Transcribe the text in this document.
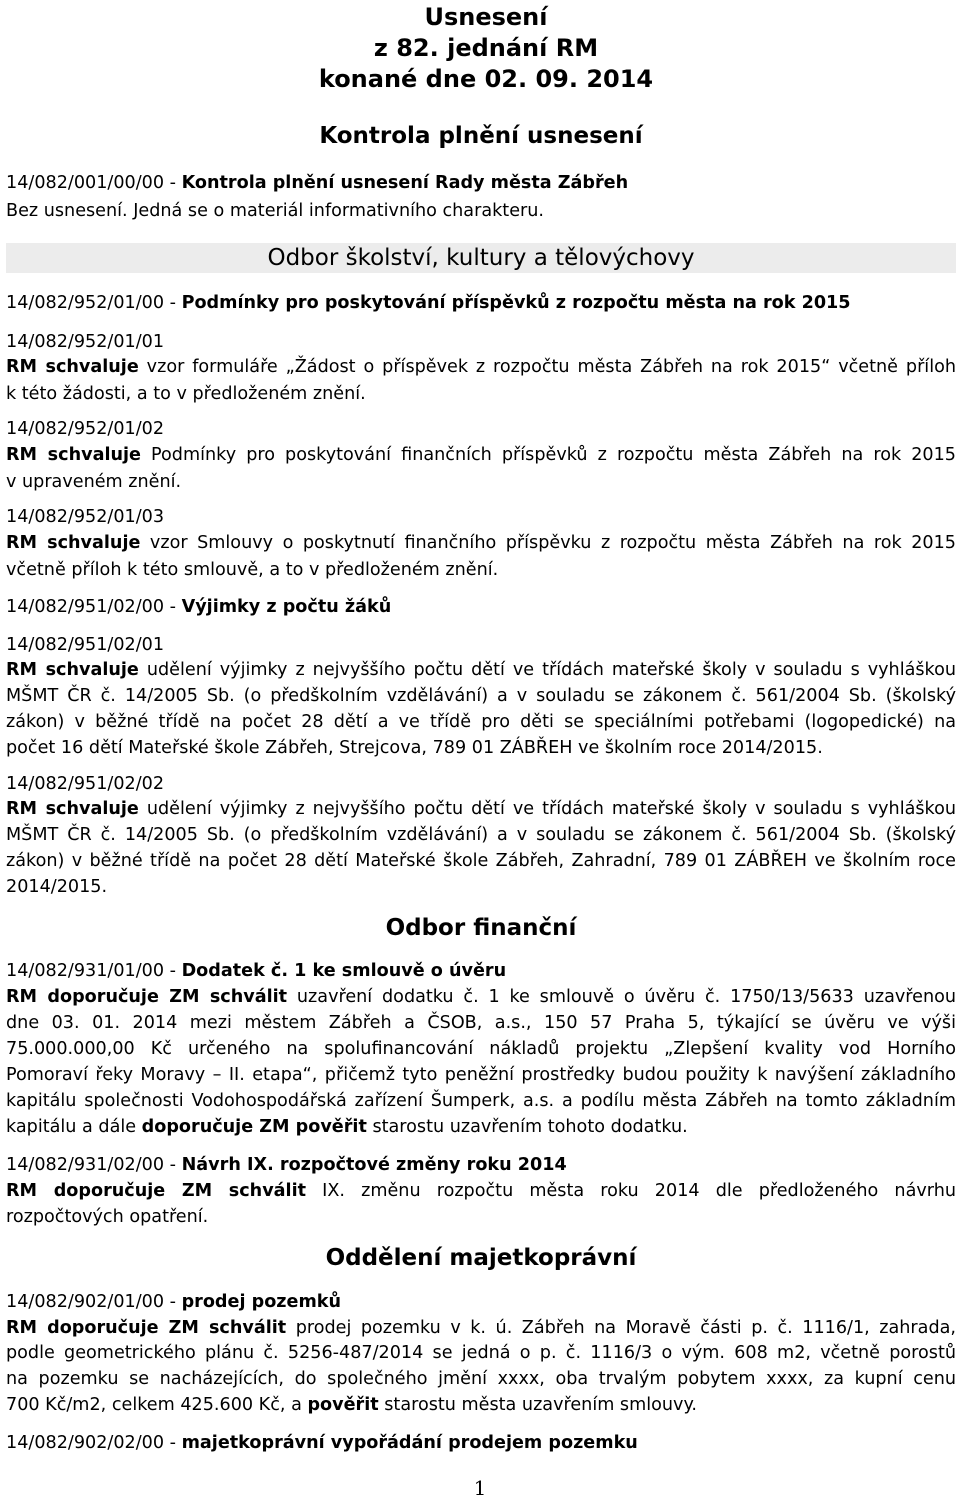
Usnesení
z 82. jednání RM
konané dne 02. 09. 2014
Kontrola plnění usnesení
14/082/001/00/00 - Kontrola plnění usnesení Rady města Zábřeh
Bez usnesení. Jedná se o materiál informativního charakteru.
Odbor školství, kultury a tělovýchovy
14/082/952/01/00 - Podmínky pro poskytování příspěvků z rozpočtu města na rok 2015
14/082/952/01/01
RM schvaluje vzor formuláře „Žádost o příspěvek z rozpočtu města Zábřeh na rok 2015“ včetně příloh
k této žádosti, a to v předloženém znění.
14/082/952/01/02
RM schvaluje Podmínky pro poskytování finančních příspěvků z rozpočtu města Zábřeh na rok 2015
v upraveném znění.
14/082/952/01/03
RM schvaluje vzor Smlouvy o poskytnutí finančního příspěvku z rozpočtu města Zábřeh na rok 2015
včetně příloh k této smlouvě, a to v předloženém znění.
14/082/951/02/00 - Výjimky z počtu žáků
14/082/951/02/01
RM schvaluje udělení výjimky z nejvyššího počtu dětí ve třídách mateřské školy v souladu s vyhláškou
MŠMT ČR č. 14/2005 Sb. (o předškolním vzdělávání) a v souladu se zákonem č. 561/2004 Sb. (školský
zákon) v běžné třídě na počet 28 dětí a ve třídě pro děti se speciálními potřebami (logopedické) na
počet 16 dětí Mateřské škole Zábřeh, Strejcova, 789 01 ZÁBŘEH ve školním roce 2014/2015.
14/082/951/02/02
RM schvaluje udělení výjimky z nejvyššího počtu dětí ve třídách mateřské školy v souladu s vyhláškou
MŠMT ČR č. 14/2005 Sb. (o předškolním vzdělávání) a v souladu se zákonem č. 561/2004 Sb. (školský
zákon) v běžné třídě na počet 28 dětí Mateřské škole Zábřeh, Zahradní, 789 01 ZÁBŘEH ve školním roce
2014/2015.
Odbor finanční
14/082/931/01/00 - Dodatek č. 1 ke smlouvě o úvěru
RM doporučuje ZM schválit uzavření dodatku č. 1 ke smlouvě o úvěru č. 1750/13/5633 uzavřenou
dne 03. 01. 2014 mezi městem Zábřeh a ČSOB, a.s., 150 57 Praha 5, týkající se úvěru ve výši
75.000.000,00 Kč určeného na spolufinancování nákladů projektu „Zlepšení kvality vod Horního
Pomoraví řeky Moravy – II. etapa“, přičemž tyto peněžní prostředky budou použity k navýšení základního
kapitálu společnosti Vodohospodářská zařízení Šumperk, a.s. a podílu města Zábřeh na tomto základním
kapitálu a dále doporučuje ZM pověřit starostu uzavřením tohoto dodatku.
14/082/931/02/00 - Návrh IX. rozpočtové změny roku 2014
RM doporučuje ZM schválit IX. změnu rozpočtu města roku 2014 dle předloženého návrhu
rozpočtových opatření.
Oddělení majetkoprávní
14/082/902/01/00 - prodej pozemků
RM doporučuje ZM schválit prodej pozemku v k. ú. Zábřeh na Moravě části p. č. 1116/1, zahrada,
podle geometrického plánu č. 5256-487/2014 se jedná o p. č. 1116/3 o vým. 608 m2, včetně porostů
na pozemku se nacházejících, do společného jmění xxxx, oba trvalým pobytem xxxx, za kupní cenu
700 Kč/m2, celkem 425.600 Kč, a pověřit starostu města uzavřením smlouvy.
14/082/902/02/00 - majetkoprávní vypořádání prodejem pozemku
1
